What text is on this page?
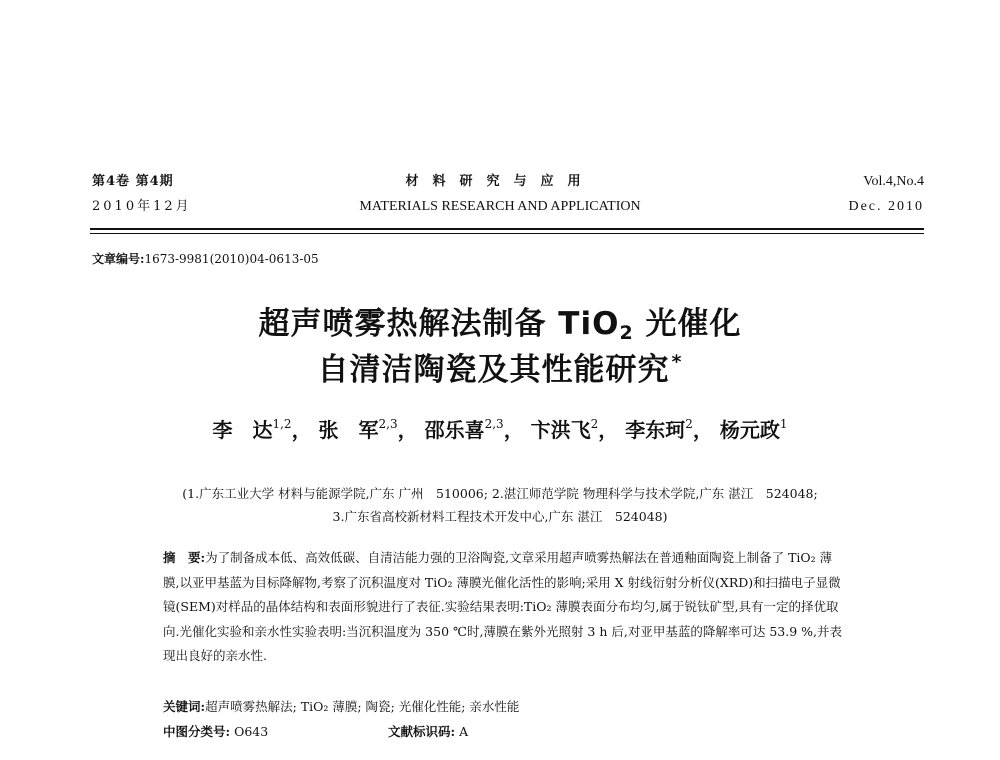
第4卷 第4期
2010年12月
材料研究与应用
MATERIALS RESEARCH AND APPLICATION
Vol.4,No.4
Dec. 2010
文章编号:1673-9981(2010)04-0613-05
超声喷雾热解法制备 TiO2 光催化
自清洁陶瓷及其性能研究 *
李　达$^{1,2}$， 张　军$^{2,3}$， 邵乐喜$^{2,3}$， 卞洪飞$^2$， 李东珂$^2$， 杨元政$^1$
(1.广东工业大学 材料与能源学院,广东 广州　510006; 2.湛江师范学院 物理科学与技术学院,广东 湛江　524048;
3.广东省高校新材料工程技术开发中心,广东 湛江　524048)
摘　要:为了制备成本低、高效低碳、自清洁能力强的卫浴陶瓷,文章采用超声喷雾热解法在普通釉面陶瓷上制备了 TiO₂ 薄膜,以亚甲基蓝为目标降解物,考察了沉积温度对 TiO₂ 薄膜光催化活性的影响;采用 X 射线衍射分析仪(XRD)和扫描电子显微镜(SEM)对样品的晶体结构和表面形貌进行了表征.实验结果表明:TiO₂ 薄膜表面分布均匀,属于锐钛矿型,具有一定的择优取向.光催化实验和亲水性实验表明:当沉积温度为 350 ℃时,薄膜在紫外光照射 3 h 后,对亚甲基蓝的降解率可达 53.9 %,并表现出良好的亲水性.
关键词:超声喷雾热解法; TiO₂ 薄膜; 陶瓷; 光催化性能; 亲水性能
中图分类号: O643	文献标识码: A
